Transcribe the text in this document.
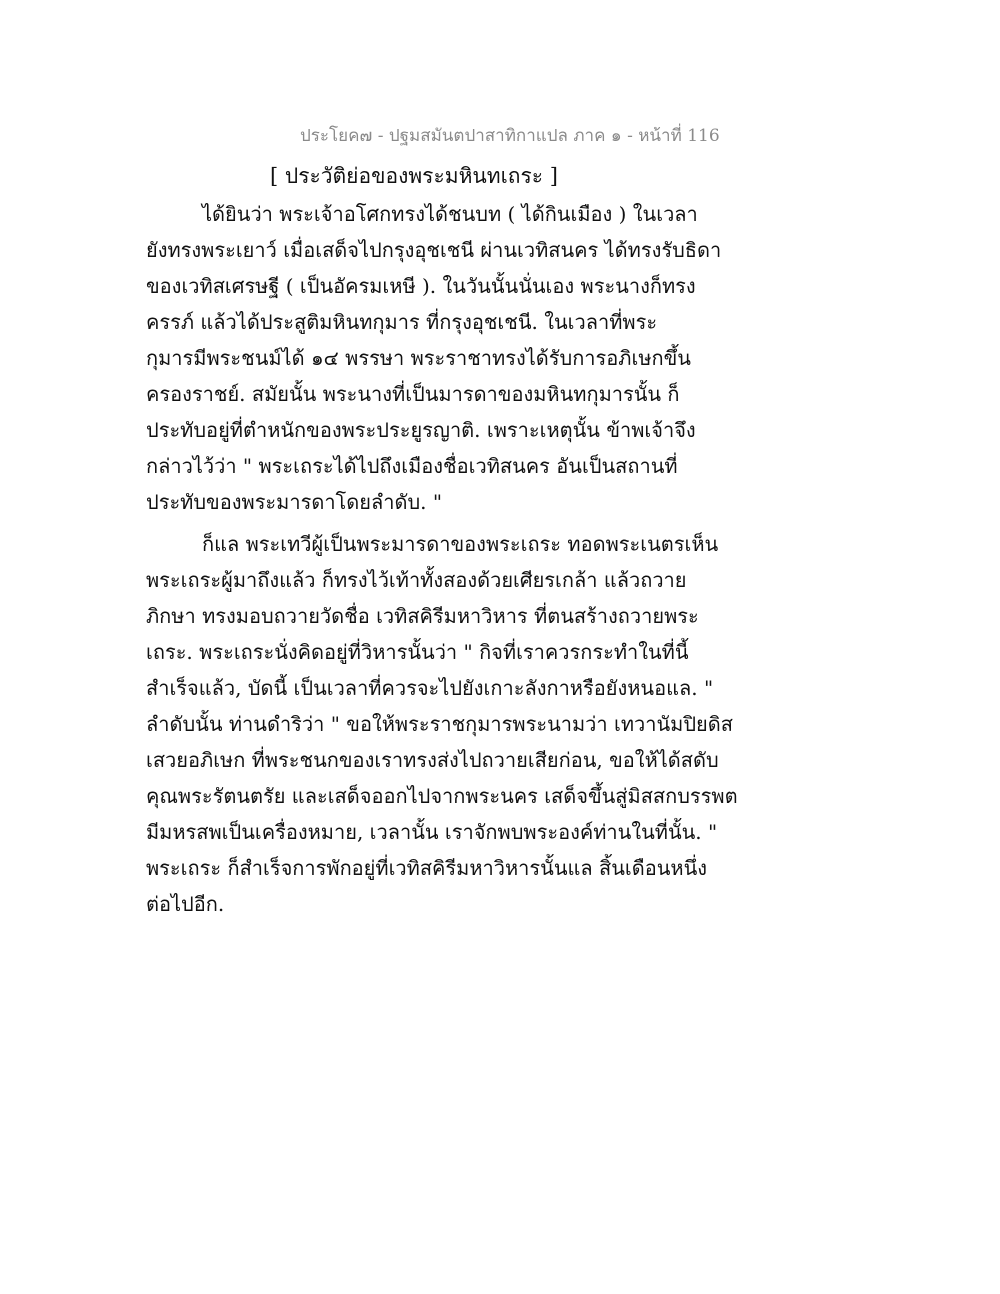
ประโยค๗ - ปฐมสมันตปาสาทิกาแปล ภาค ๑ - หน้าที่ 116
[ ประวัติย่อของพระมหินทเถระ ]
ได้ยินว่า พระเจ้าอโศกทรงได้ชนบท ( ได้กินเมือง ) ในเวลา
ยังทรงพระเยาว์ เมื่อเสด็จไปกรุงอุชเชนี ผ่านเวทิสนคร ได้ทรงรับธิดา
ของเวทิสเศรษฐี ( เป็นอัครมเหษี ). ในวันนั้นนั่นเอง พระนางก็ทรง
ครรภ์ แล้วได้ประสูติมหินทกุมาร ที่กรุงอุชเชนี. ในเวลาที่พระ
กุมารมีพระชนม์ได้ ๑๔ พรรษา พระราชาทรงได้รับการอภิเษกขึ้น
ครองราชย์. สมัยนั้น พระนางที่เป็นมารดาของมหินทกุมารนั้น ก็
ประทับอยู่ที่ตำหนักของพระประยูรญาติ. เพราะเหตุนั้น ข้าพเจ้าจึง
กล่าวไว้ว่า " พระเถระได้ไปถึงเมืองชื่อเวทิสนคร อันเป็นสถานที่
ประทับของพระมารดาโดยลำดับ. "
ก็แล พระเทวีผู้เป็นพระมารดาของพระเถระ ทอดพระเนตรเห็น
พระเถระผู้มาถึงแล้ว ก็ทรงไว้เท้าทั้งสองด้วยเศียรเกล้า แล้วถวาย
ภิกษา ทรงมอบถวายวัดชื่อ เวทิสคิรีมหาวิหาร ที่ตนสร้างถวายพระ
เถระ. พระเถระนั่งคิดอยู่ที่วิหารนั้นว่า " กิจที่เราควรกระทำในที่นี้
สำเร็จแล้ว, บัดนี้ เป็นเวลาที่ควรจะไปยังเกาะลังกาหรือยังหนอแล. "
ลำดับนั้น ท่านดำริว่า " ขอให้พระราชกุมารพระนามว่า เทวานัมปิยดิส
เสวยอภิเษก ที่พระชนกของเราทรงส่งไปถวายเสียก่อน, ขอให้ได้สดับ
คุณพระรัตนตรัย และเสด็จออกไปจากพระนคร เสด็จขึ้นสู่มิสสกบรรพต
มีมหรสพเป็นเครื่องหมาย, เวลานั้น เราจักพบพระองค์ท่านในที่นั้น. "
พระเถระ ก็สำเร็จการพักอยู่ที่เวทิสคิรีมหาวิหารนั้นแล สิ้นเดือนหนึ่ง
ต่อไปอีก.
